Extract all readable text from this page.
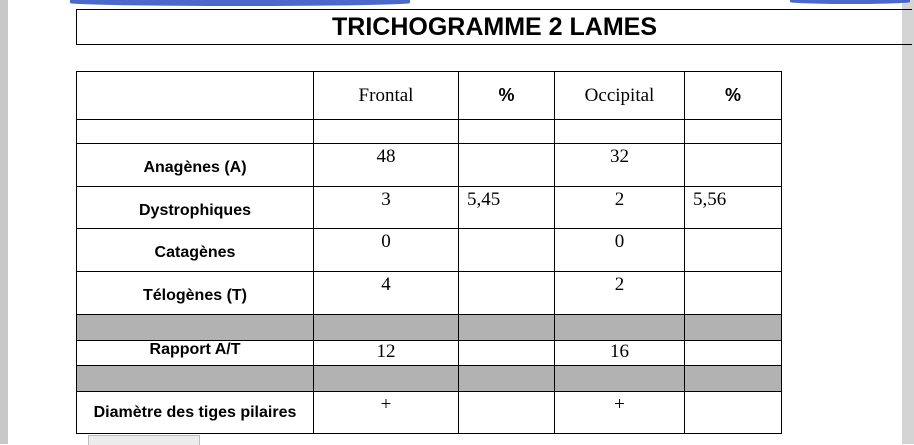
TRICHOGRAMME 2 LAMES
	Frontal	%	Occipital	%

Anagènes (A)	48		32	
Dystrophiques	3	5,45	2	5,56
Catagènes	0		0	
Télogènes (T)	4		2	

Rapport A/T	12		16	

Diamètre des tiges pilaires	+		+	
